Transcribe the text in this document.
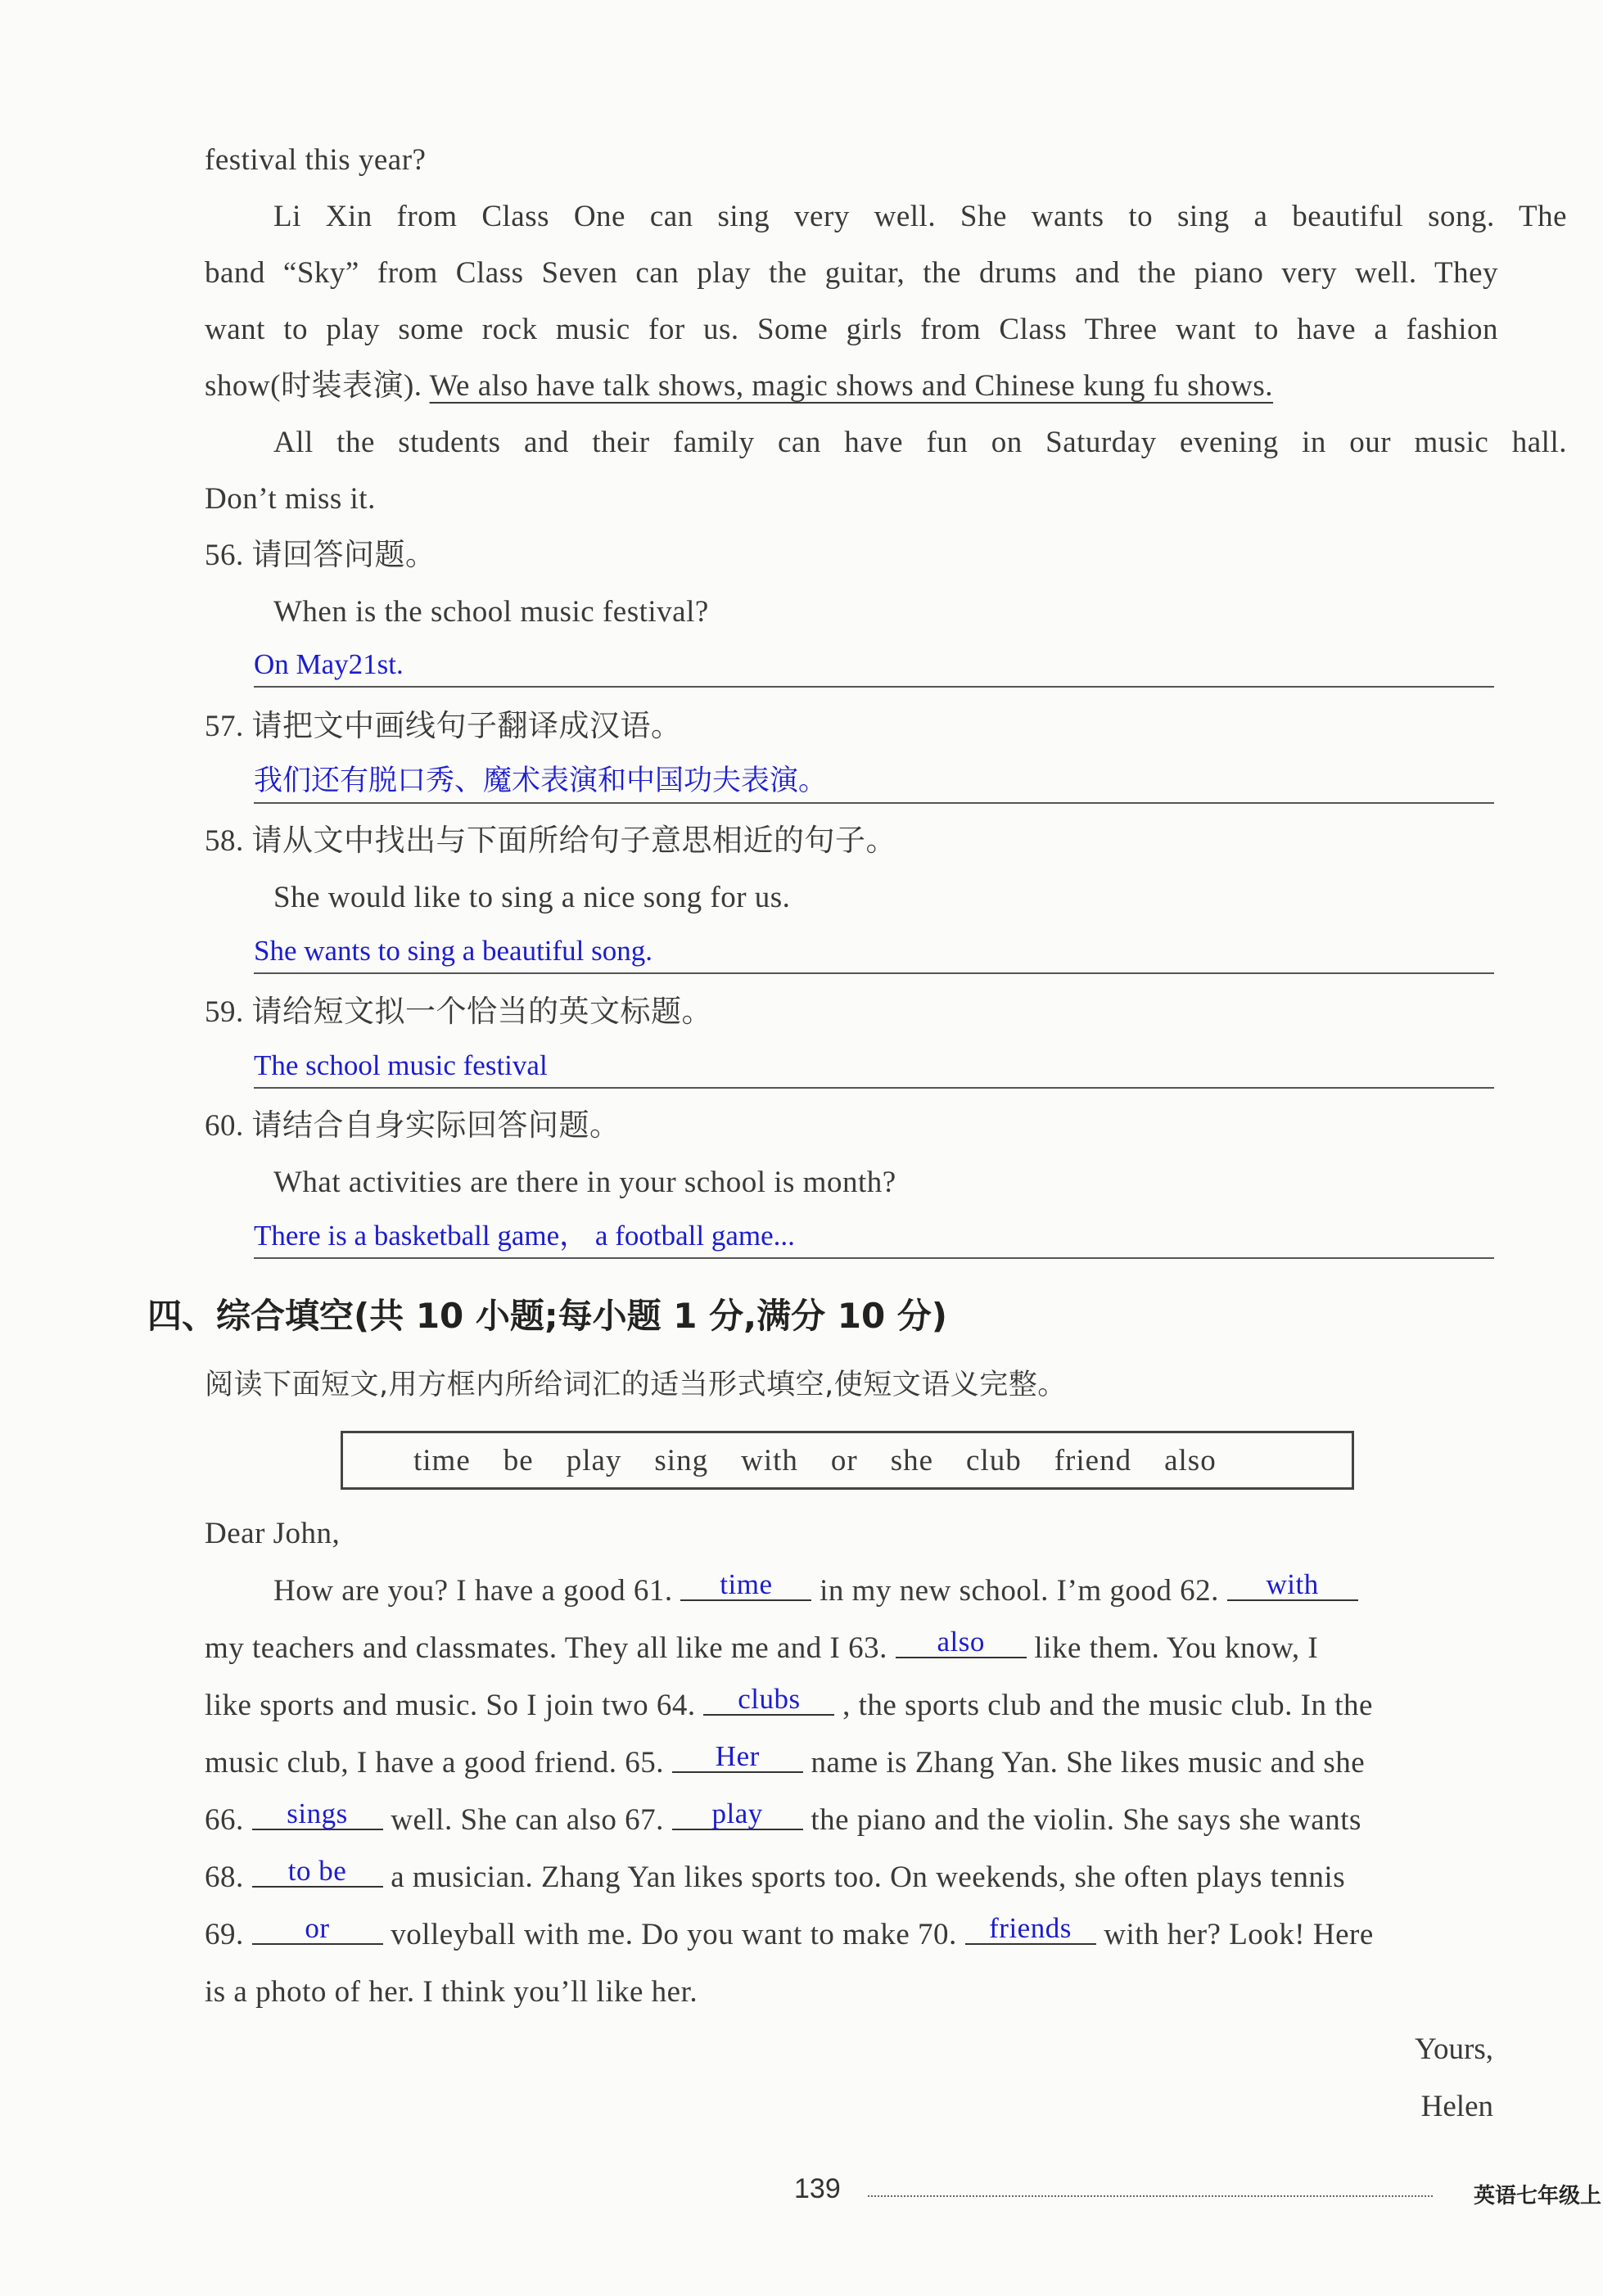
festival this year?
Li Xin from Class One can sing very well. She wants to sing a beautiful song. The
band “Sky” from Class Seven can play the guitar, the drums and the piano very well. They
want to play some rock music for us. Some girls from Class Three want to have a fashion
show(时装表演). We also have talk shows, magic shows and Chinese kung fu shows.
All the students and their family can have fun on Saturday evening in our music hall.
Don’t miss it.
56. 请回答问题。
When is the school music festival?
On May21st.
57. 请把文中画线句子翻译成汉语。
我们还有脱口秀、魔术表演和中国功夫表演。
58. 请从文中找出与下面所给句子意思相近的句子。
She would like to sing a nice song for us.
She wants to sing a beautiful song.
59. 请给短文拟一个恰当的英文标题。
The school music festival
60. 请结合自身实际回答问题。
What activities are there in your school is month?
There is a basketball game， a football game...
四、综合填空(共 10 小题;每小题 1 分,满分 10 分)
阅读下面短文,用方框内所给词汇的适当形式填空,使短文语义完整。
time be play sing with or she club friend also
Dear John,
How are you? I have a good 61. time in my new school. I’m good 62. with
my teachers and classmates. They all like me and I 63. also like them. You know, I
like sports and music. So I join two 64. clubs , the sports club and the music club. In the
music club, I have a good friend. 65. Her name is Zhang Yan. She likes music and she
66. sings well. She can also 67. play the piano and the violin. She says she wants
68. to be a musician. Zhang Yan likes sports too. On weekends, she often plays tennis
69. or volleyball with me. Do you want to make 70. friends with her? Look! Here
is a photo of her. I think you’ll like her.
Yours,
Helen
139	英语七年级上
